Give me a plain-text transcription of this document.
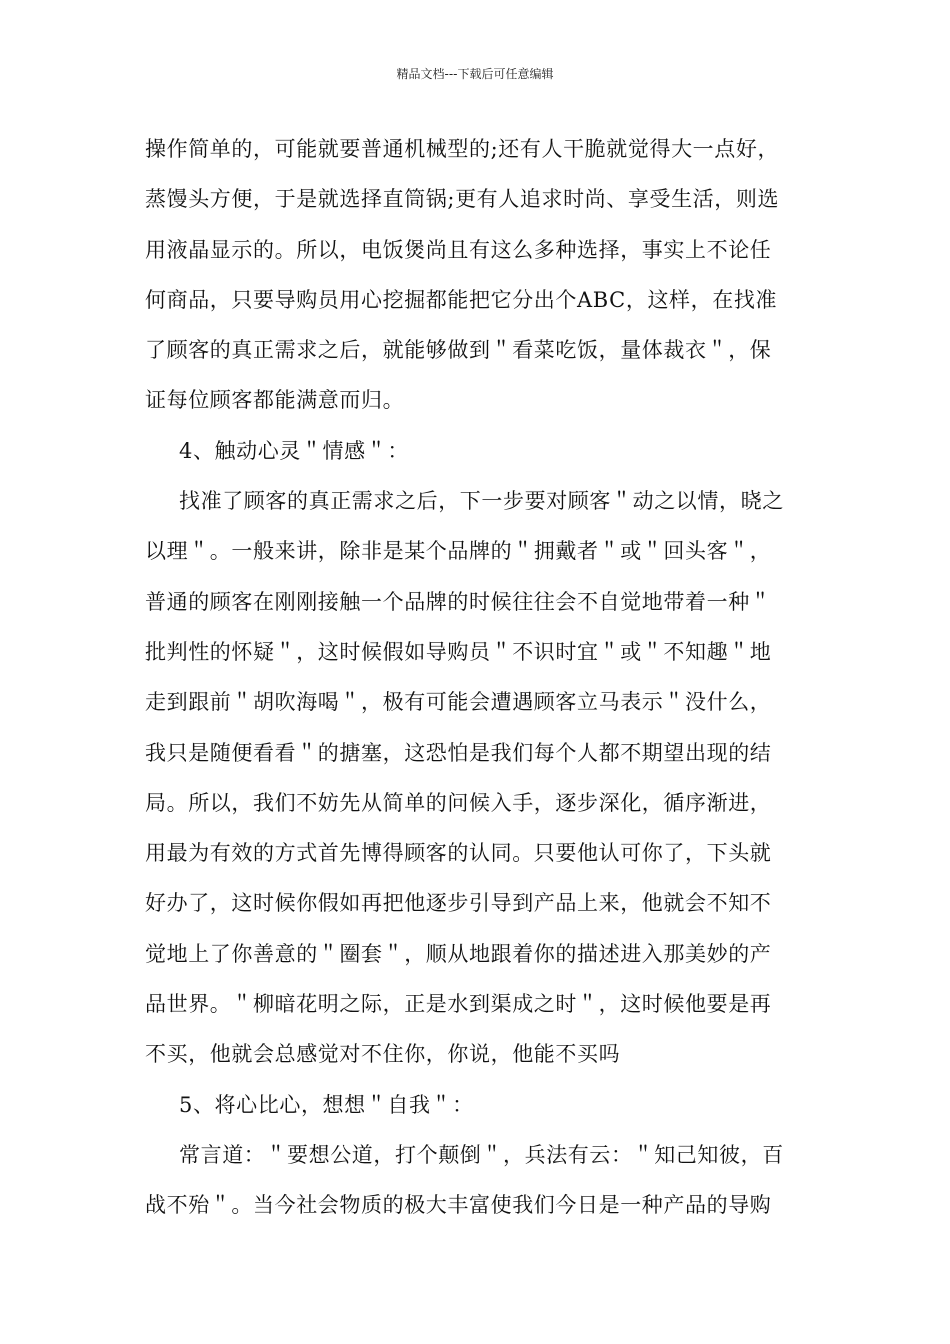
精品文档---下载后可任意编辑
操作简单的，可能就要普通机械型的;还有人干脆就觉得大一点好，
蒸馒头方便，于是就选择直筒锅;更有人追求时尚、享受生活，则选
用液晶显示的。所以，电饭煲尚且有这么多种选择，事实上不论任
何商品，只要导购员用心挖掘都能把它分出个ABC，这样，在找准
了顾客的真正需求之后，就能够做到＂看菜吃饭，量体裁衣＂，保
证每位顾客都能满意而归。
4、触动心灵＂情感＂：
找准了顾客的真正需求之后，下一步要对顾客＂动之以情，晓之
以理＂。一般来讲，除非是某个品牌的＂拥戴者＂或＂回头客＂，
普通的顾客在刚刚接触一个品牌的时候往往会不自觉地带着一种＂
批判性的怀疑＂，这时候假如导购员＂不识时宜＂或＂不知趣＂地
走到跟前＂胡吹海喝＂，极有可能会遭遇顾客立马表示＂没什么，
我只是随便看看＂的搪塞，这恐怕是我们每个人都不期望出现的结
局。所以，我们不妨先从简单的问候入手，逐步深化，循序渐进，
用最为有效的方式首先博得顾客的认同。只要他认可你了，下头就
好办了，这时候你假如再把他逐步引导到产品上来，他就会不知不
觉地上了你善意的＂圈套＂，顺从地跟着你的描述进入那美妙的产
品世界。＂柳暗花明之际，正是水到渠成之时＂，这时候他要是再
不买，他就会总感觉对不住你，你说，他能不买吗
5、将心比心，想想＂自我＂：
常言道：＂要想公道，打个颠倒＂，兵法有云：＂知己知彼，百
战不殆＂。当今社会物质的极大丰富使我们今日是一种产品的导购
